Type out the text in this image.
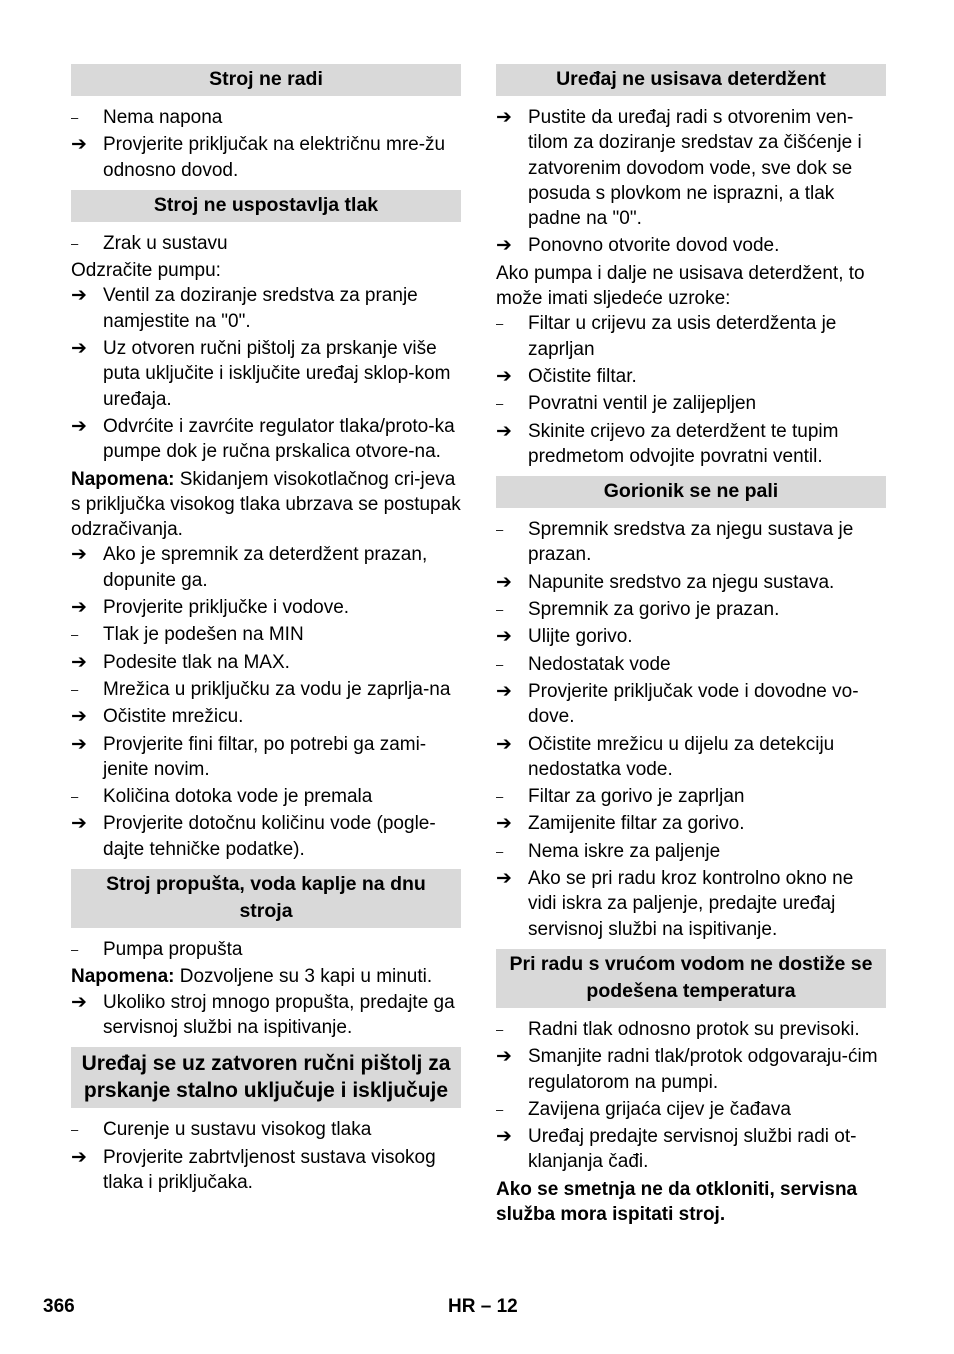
Stroj ne radi
–	Nema napona
➔ Provjerite priključak na električnu mre-žu odnosno dovod.
Stroj ne uspostavlja tlak
–	Zrak u sustavu
Odzračite pumpu:
➔ Ventil za doziranje sredstva za pranje namjestite na "0".
➔ Uz otvoren ručni pištolj za prskanje više puta uključite i isključite uređaj sklop-kom uređaja.
➔ Odvrćite i zavrćite regulator tlaka/proto-ka pumpe dok je ručna prskalica otvore-na.
Napomena: Skidanjem visokotlačnog cri-jeva s priključka visokog tlaka ubrzava se postupak odzračivanja.
➔ Ako je spremnik za deterdžent prazan, dopunite ga.
➔ Provjerite priključke i vodove.
–	Tlak je podešen na MIN
➔ Podesite tlak na MAX.
–	Mrežica u priključku za vodu je zaprlja-na
➔ Očistite mrežicu.
➔ Provjerite fini filtar, po potrebi ga zami-jenite novim.
–	Količina dotoka vode je premala
➔ Provjerite dotočnu količinu vode (pogle-dajte tehničke podatke).
Stroj propušta, voda kaplje na dnu stroja
–	Pumpa propušta
Napomena: Dozvoljene su 3 kapi u minuti.
➔ Ukoliko stroj mnogo propušta, predajte ga servisnoj službi na ispitivanje.
Uređaj se uz zatvoren ručni pištolj za prskanje stalno uključuje i isključuje
–	Curenje u sustavu visokog tlaka
➔ Provjerite zabrtvljenost sustava visokog tlaka i priključaka.
Uređaj ne usisava deterdžent
➔ Pustite da uređaj radi s otvorenim ven-tilom za doziranje sredstav za čišćenje i zatvorenim dovodom vode, sve dok se posuda s plovkom ne isprazni, a tlak padne na "0".
➔ Ponovno otvorite dovod vode.
Ako pumpa i dalje ne usisava deterdžent, to može imati sljedeće uzroke:
–	Filtar u crijevu za usis deterdženta je zaprljan
➔ Očistite filtar.
–	Povratni ventil je zalijepljen
➔ Skinite crijevo za deterdžent te tupim predmetom odvojite povratni ventil.
Gorionik se ne pali
–	Spremnik sredstva za njegu sustava je prazan.
➔ Napunite sredstvo za njegu sustava.
–	Spremnik za gorivo je prazan.
➔ Ulijte gorivo.
–	Nedostatak vode
➔ Provjerite priključak vode i dovodne vo-dove.
➔ Očistite mrežicu u dijelu za detekciju nedostatka vode.
–	Filtar za gorivo je zaprljan
➔ Zamijenite filtar za gorivo.
–	Nema iskre za paljenje
➔ Ako se pri radu kroz kontrolno okno ne vidi iskra za paljenje, predajte uređaj servisnoj službi na ispitivanje.
Pri radu s vrućom vodom ne dostiže se podešena temperatura
–	Radni tlak odnosno protok su previsoki.
➔ Smanjite radni tlak/protok odgovaraju-ćim regulatorom na pumpi.
–	Zavijena grijaća cijev je čađava
➔ Uređaj predajte servisnoj službi radi ot-klanjanja čađi.
Ako se smetnja ne da otkloniti, servisna služba mora ispitati stroj.
366	HR – 12
